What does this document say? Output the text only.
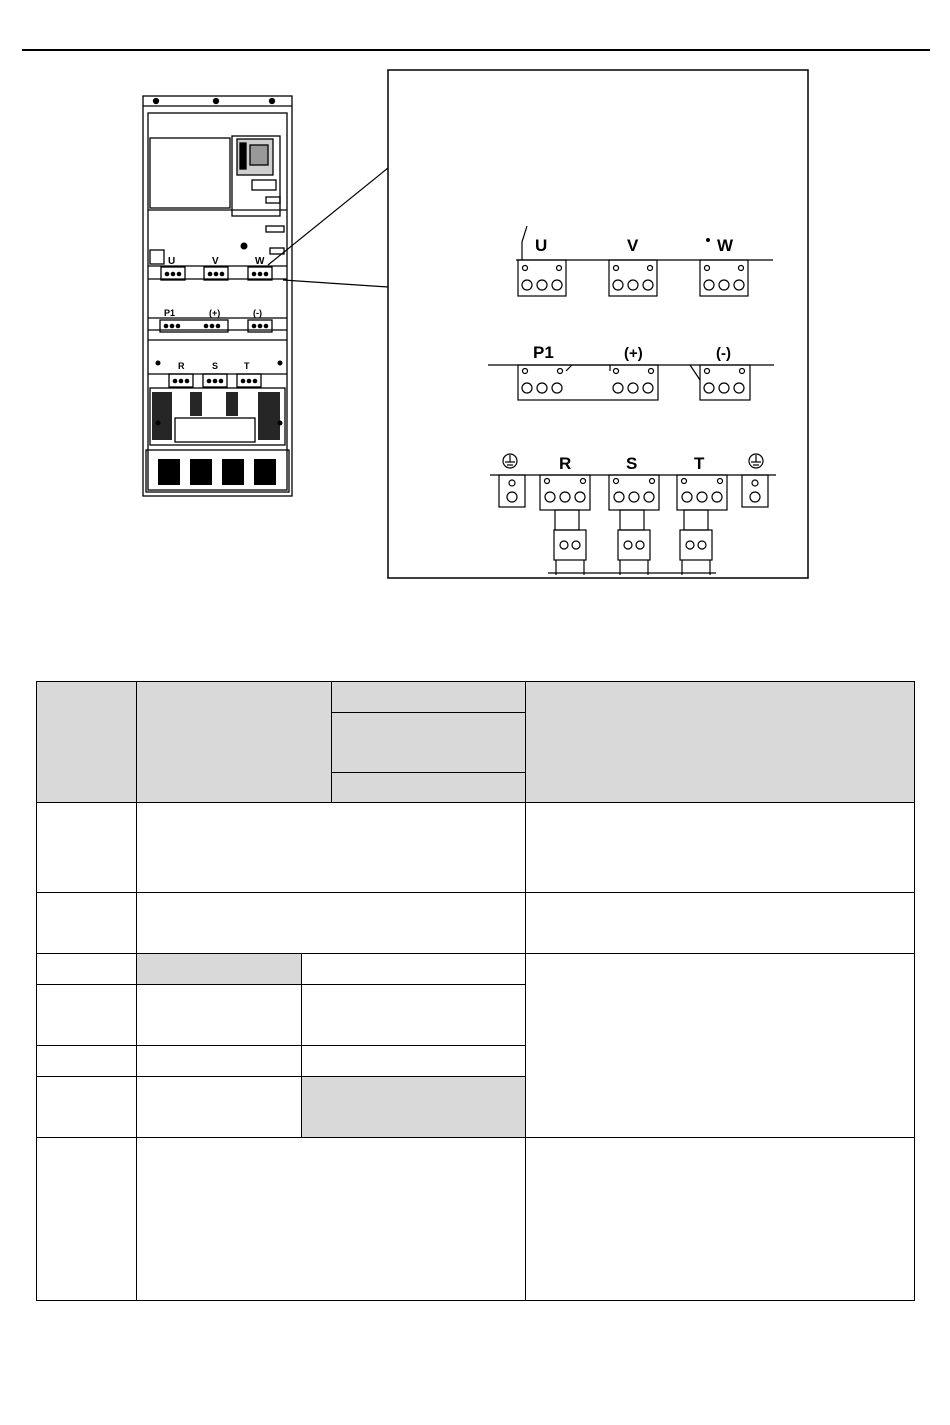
U	V	W
P1	(+)	(-)
R	S	T
U	V	W
P1	(+)	(-)
R	S	T
